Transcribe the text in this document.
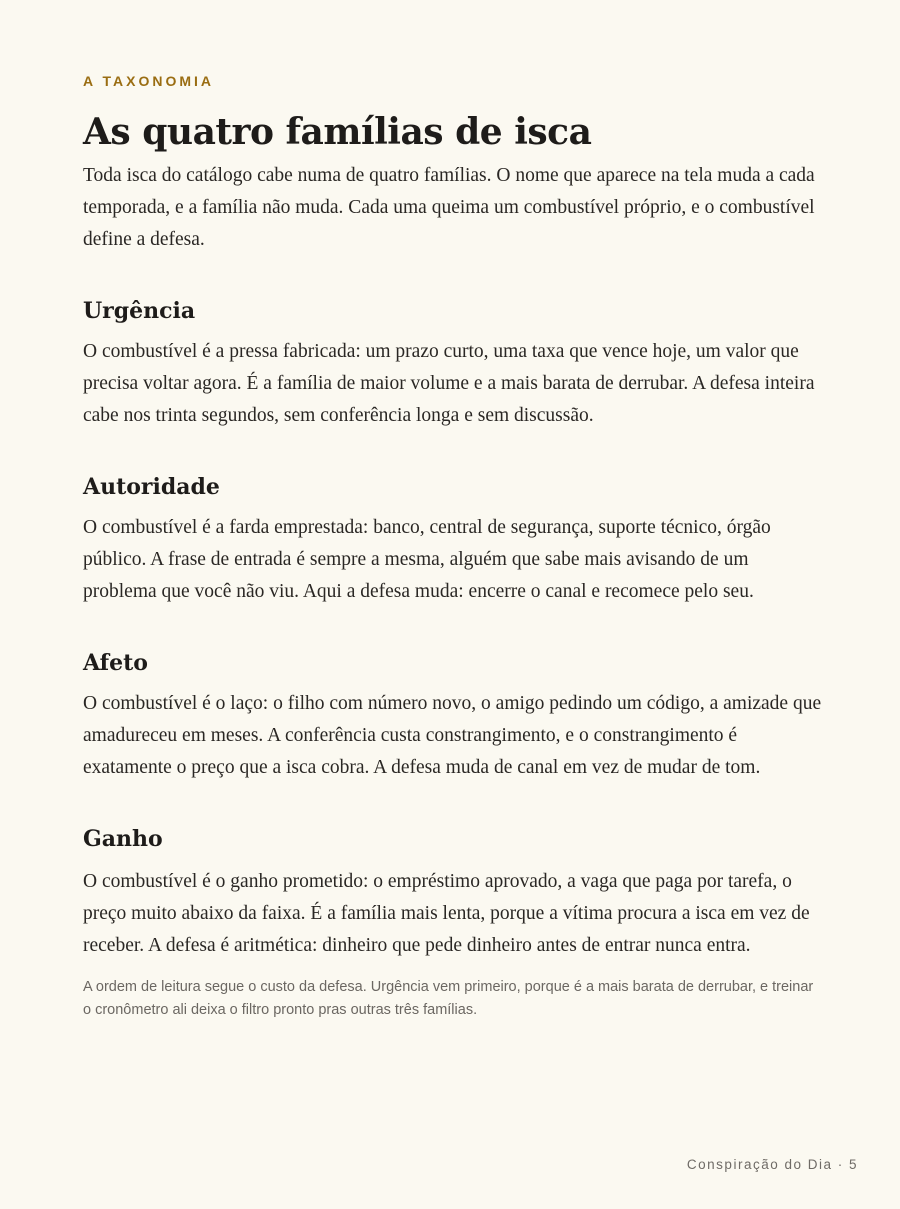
A TAXONOMIA

As quatro famílias de isca

Toda isca do catálogo cabe numa de quatro famílias. O nome que aparece na tela muda a cada temporada, e a família não muda. Cada uma queima um combustível próprio, e o combustível define a defesa.

Urgência

O combustível é a pressa fabricada: um prazo curto, uma taxa que vence hoje, um valor que precisa voltar agora. É a família de maior volume e a mais barata de derrubar. A defesa inteira cabe nos trinta segundos, sem conferência longa e sem discussão.

Autoridade

O combustível é a farda emprestada: banco, central de segurança, suporte técnico, órgão público. A frase de entrada é sempre a mesma, alguém que sabe mais avisando de um problema que você não viu. Aqui a defesa muda: encerre o canal e recomece pelo seu.

Afeto

O combustível é o laço: o filho com número novo, o amigo pedindo um código, a amizade que amadureceu em meses. A conferência custa constrangimento, e o constrangimento é exatamente o preço que a isca cobra. A defesa muda de canal em vez de mudar de tom.

Ganho

O combustível é o ganho prometido: o empréstimo aprovado, a vaga que paga por tarefa, o preço muito abaixo da faixa. É a família mais lenta, porque a vítima procura a isca em vez de receber. A defesa é aritmética: dinheiro que pede dinheiro antes de entrar nunca entra.

A ordem de leitura segue o custo da defesa. Urgência vem primeiro, porque é a mais barata de derrubar, e treinar o cronômetro ali deixa o filtro pronto pras outras três famílias.

Conspiração do Dia · 5
